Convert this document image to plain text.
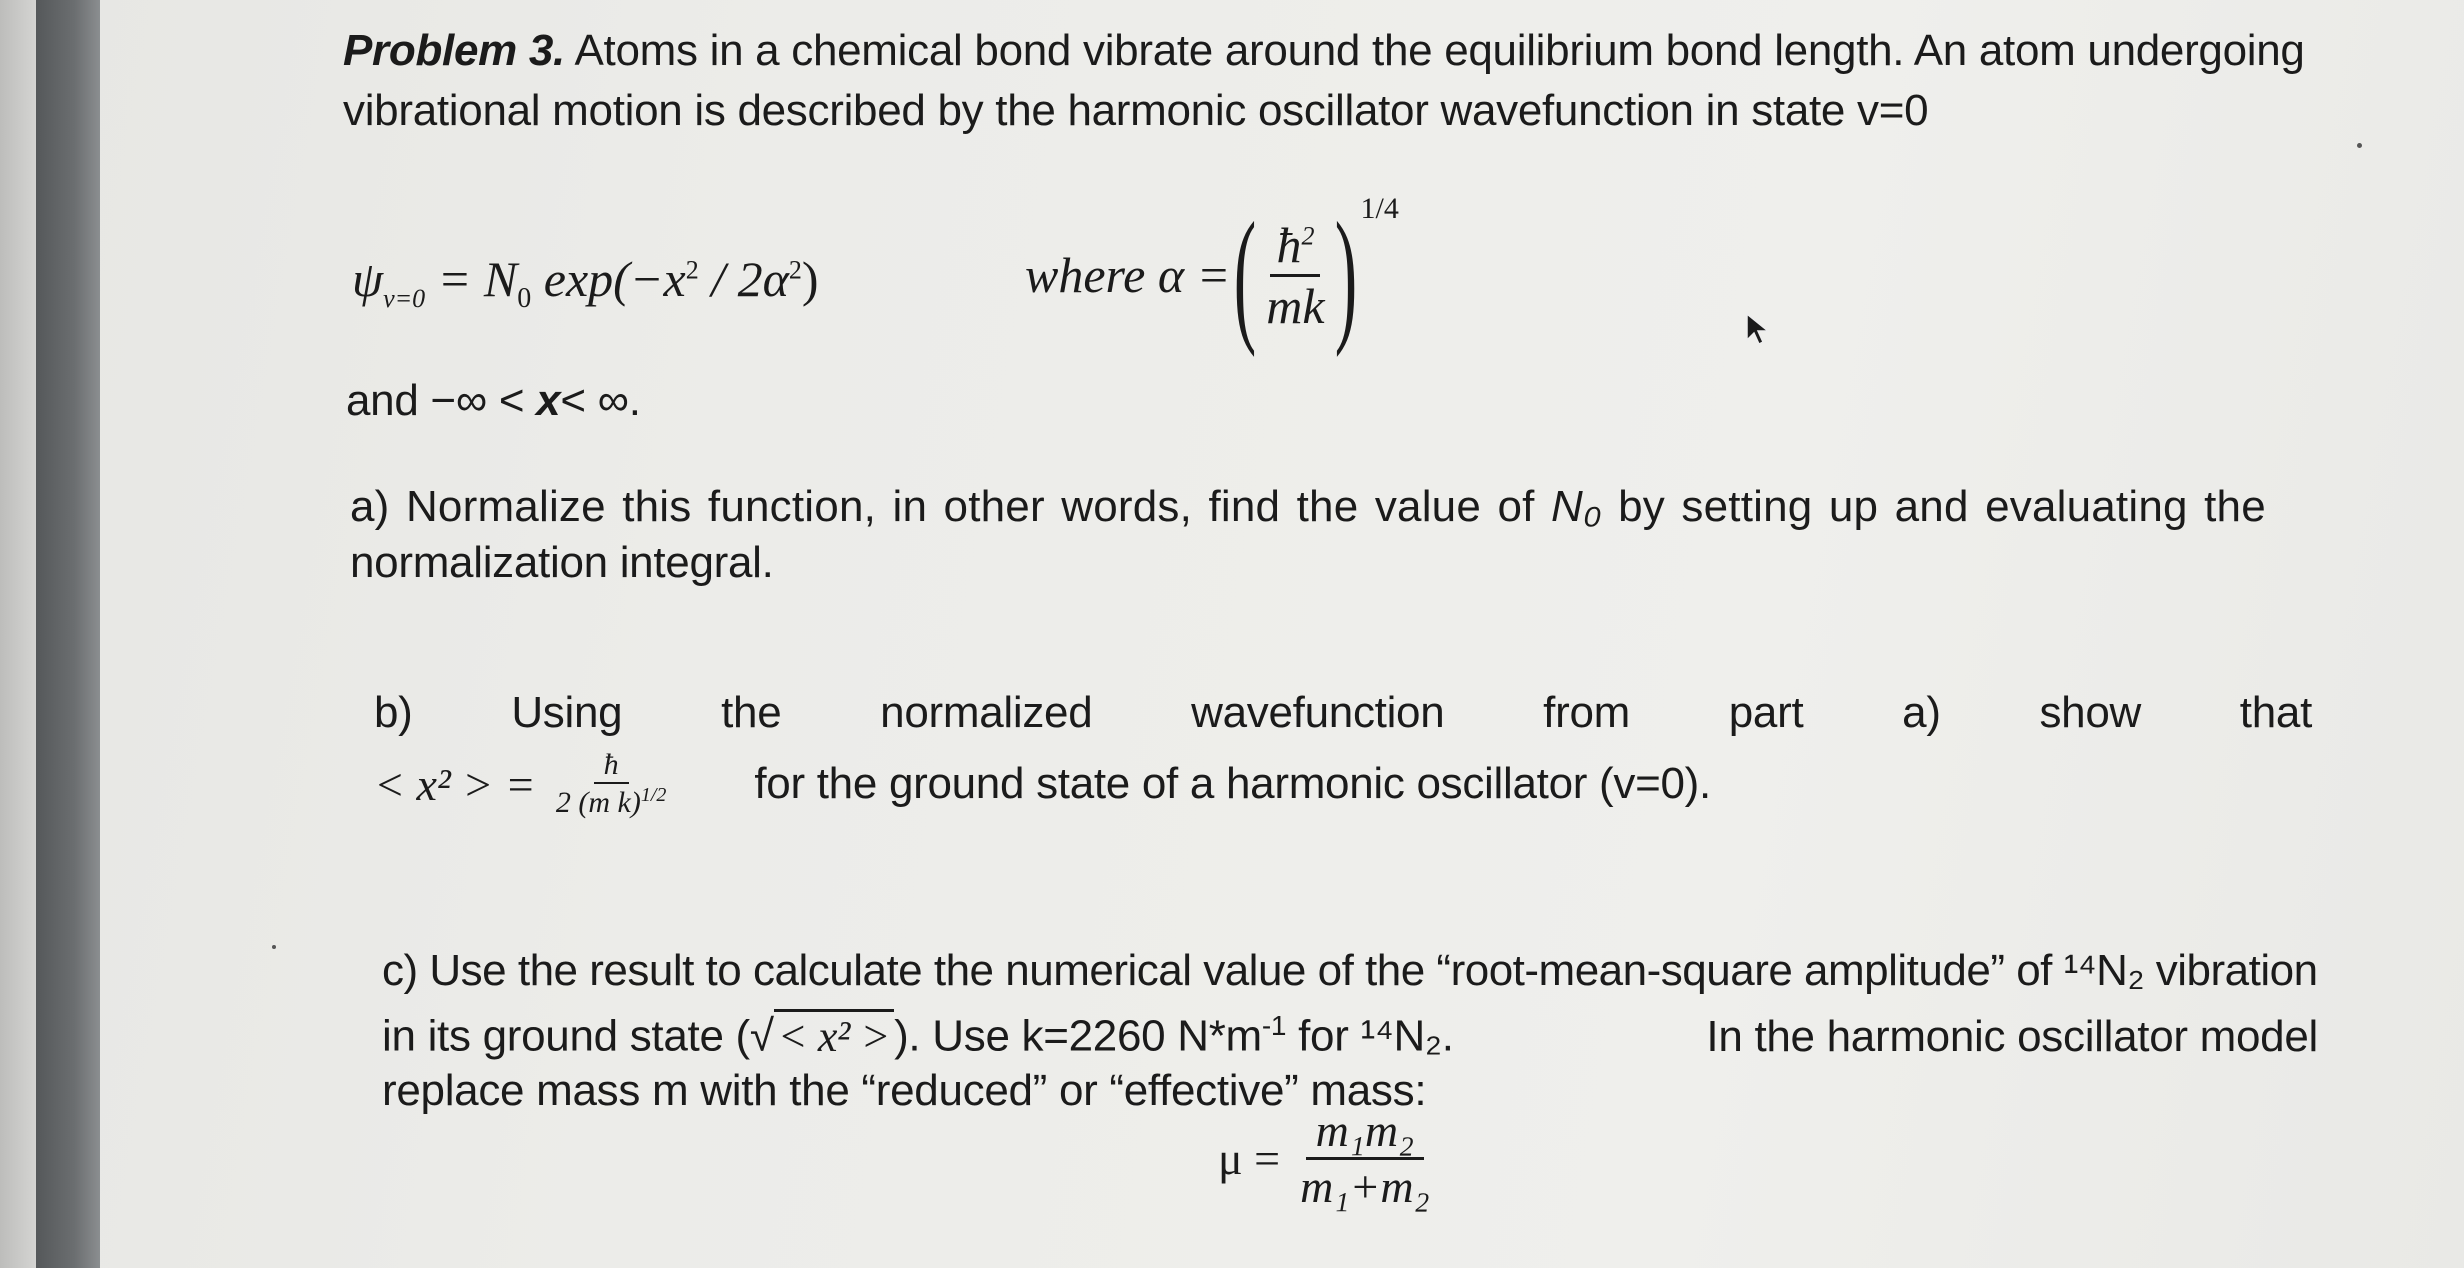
Problem 3. Atoms in a chemical bond vibrate around the equilibrium bond length. An atom undergoing
vibrational motion is described by the harmonic oscillator wavefunction in state v=0
$\psi_{v=0} = N_0$ $\exp(-x^2 / 2\alpha^2)$	where α = ( $\frac{ħ^2}{mk}$ ) 1/4
and −∞ < x< ∞.
a) Normalize this function, in other words, find the value of N₀ by setting up and evaluating the
normalization integral.
b) Using the normalized wavefunction from part a) show that
< x² > = $\frac{ħ}{2 (m k)^{1/2}}$ for the ground state of a harmonic oscillator (v=0).
c) Use the result to calculate the numerical value of the “root-mean-square amplitude” of ¹⁴N₂ vibration
in its ground state (√< x² >). Use k=2260 $N*m^{-1}$ for ¹⁴N₂.	In the harmonic oscillator model
replace mass m with the “reduced” or “effective” mass:
$\mu = \frac{\text{m₁m₂}}{\text{m₁+m₂}}$
